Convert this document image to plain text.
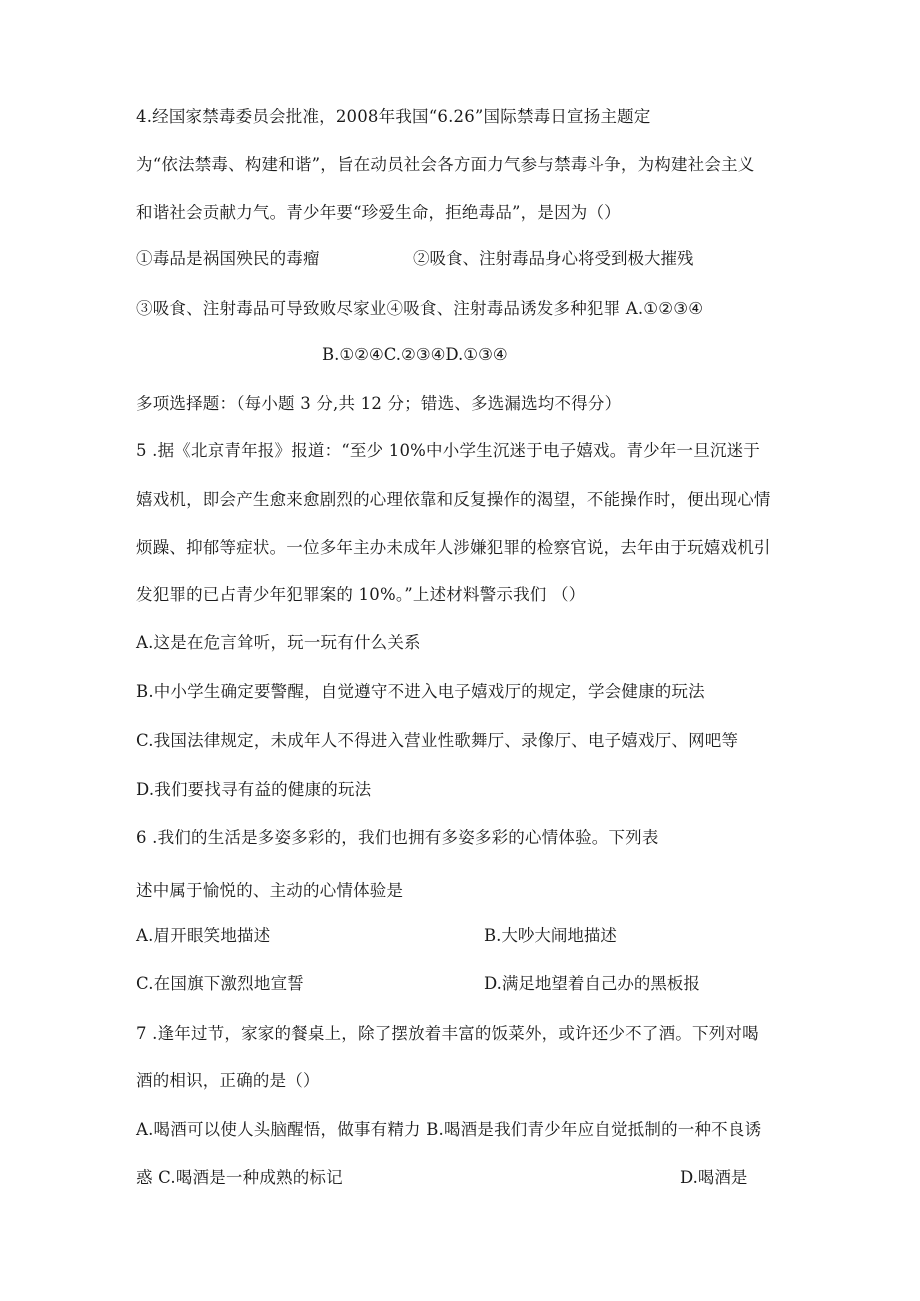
4.经国家禁毒委员会批准，2008年我国“6.26”国际禁毒日宣扬主题定
为“依法禁毒、构建和谐”，旨在动员社会各方面力气参与禁毒斗争，为构建社会主义
和谐社会贡献力气。青少年要“珍爱生命，拒绝毒品”，是因为（）
①毒品是祸国殃民的毒瘤	②吸食、注射毒品身心将受到极大摧残
③吸食、注射毒品可导致败尽家业④吸食、注射毒品诱发多种犯罪 A.①②③④
B.①②④C.②③④D.①③④
多项选择题：（每小题 3 分,共 12 分；错选、多选漏选均不得分）
5 .据《北京青年报》报道：“至少 10%中小学生沉迷于电子嬉戏。青少年一旦沉迷于
嬉戏机，即会产生愈来愈剧烈的心理依靠和反复操作的渴望，不能操作时，便出现心情
烦躁、抑郁等症状。一位多年主办未成年人涉嫌犯罪的检察官说，去年由于玩嬉戏机引
发犯罪的已占青少年犯罪案的 10%。”上述材料警示我们 （）
A.这是在危言耸听，玩一玩有什么关系
B.中小学生确定要警醒，自觉遵守不进入电子嬉戏厅的规定，学会健康的玩法
C.我国法律规定，未成年人不得进入营业性歌舞厅、录像厅、电子嬉戏厅、网吧等
D.我们要找寻有益的健康的玩法
6 .我们的生活是多姿多彩的，我们也拥有多姿多彩的心情体验。下列表
述中属于愉悦的、主动的心情体验是
A.眉开眼笑地描述	B.大吵大闹地描述
C.在国旗下激烈地宣誓	D.满足地望着自己办的黑板报
7 .逢年过节，家家的餐桌上，除了摆放着丰富的饭菜外，或许还少不了酒。下列对喝
酒的相识，正确的是（）
A.喝酒可以使人头脑醒悟，做事有精力 B.喝酒是我们青少年应自觉抵制的一种不良诱
惑 C.喝酒是一种成熟的标记	D.喝酒是
